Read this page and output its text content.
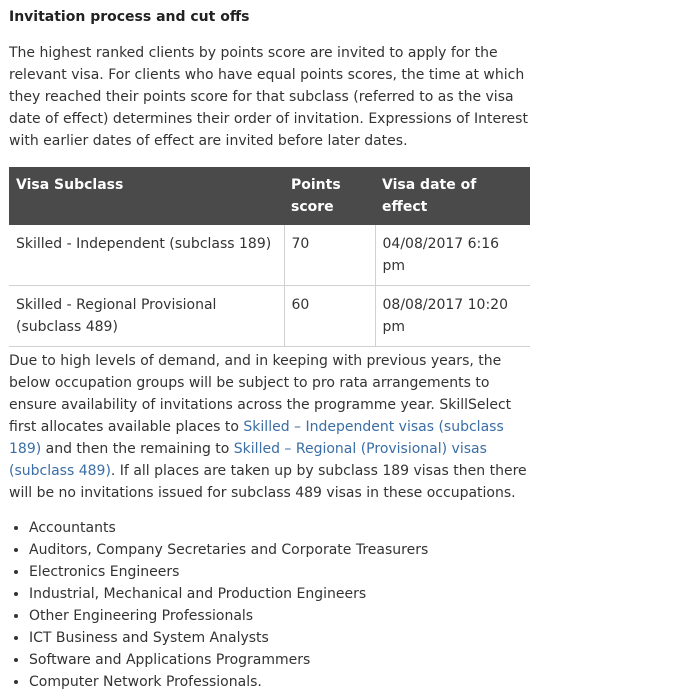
Invitation process and cut offs

The highest ranked clients by points score are invited to apply for the relevant visa. For clients who have equal points scores, the time at which they reached their points score for that subclass (referred to as the visa date of effect) determines their order of invitation. Expressions of Interest with earlier dates of effect are invited before later dates.

Visa Subclass	Points score	Visa date of effect
Skilled - Independent (subclass 189)	70	04/08/2017 6:16 pm
Skilled - Regional Provisional (subclass 489)	60	08/08/2017 10:20 pm

Due to high levels of demand, and in keeping with previous years, the below occupation groups will be subject to pro rata arrangements to ensure availability of invitations across the programme year. SkillSelect first allocates available places to Skilled – Independent visas (subclass 189) and then the remaining to Skilled – Regional (Provisional) visas (subclass 489). If all places are taken up by subclass 189 visas then there will be no invitations issued for subclass 489 visas in these occupations.

• Accountants
• Auditors, Company Secretaries and Corporate Treasurers
• Electronics Engineers
• Industrial, Mechanical and Production Engineers
• Other Engineering Professionals
• ICT Business and System Analysts
• Software and Applications Programmers
• Computer Network Professionals.
